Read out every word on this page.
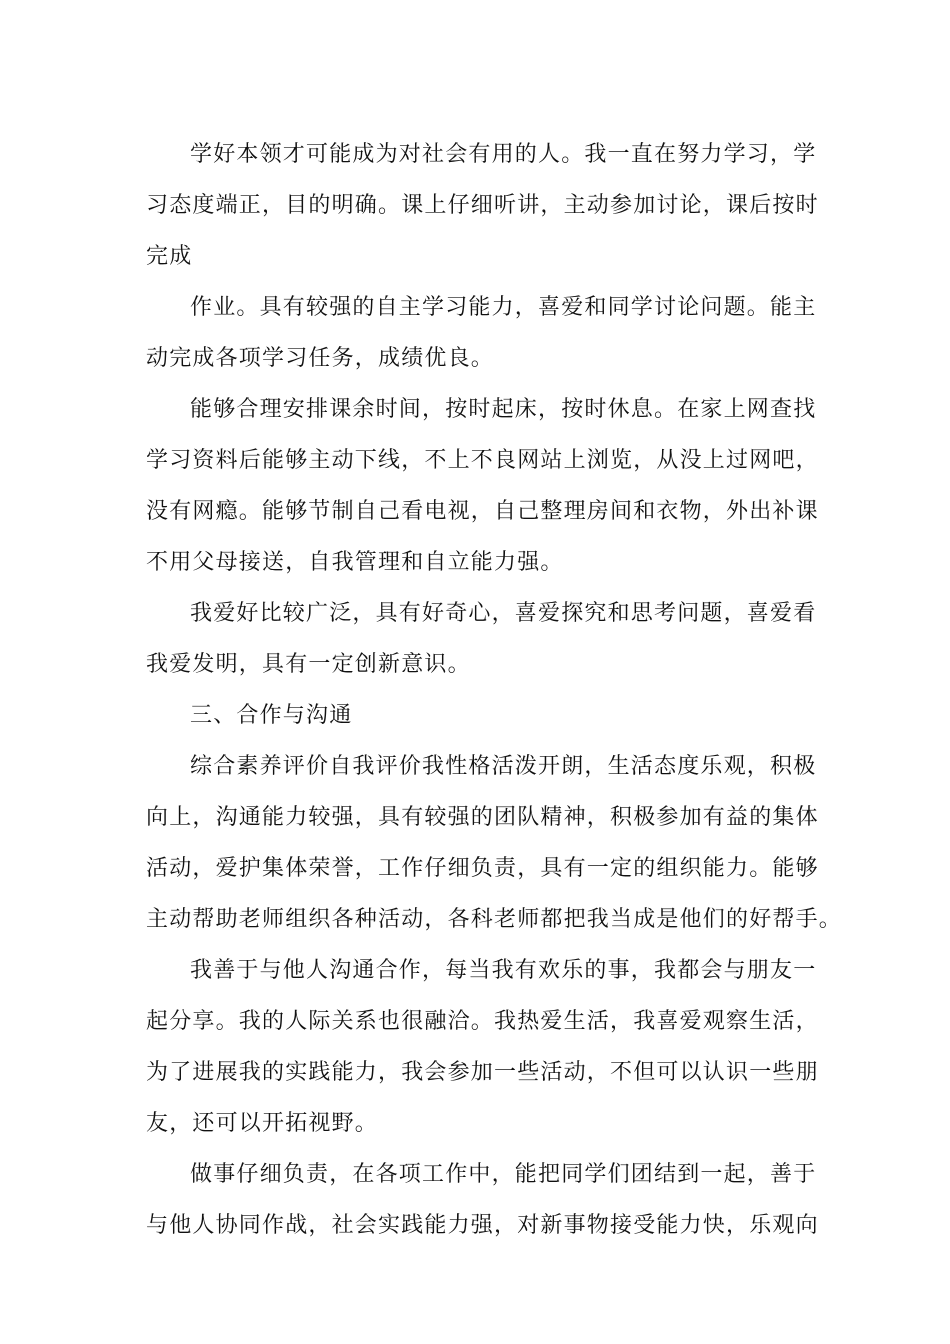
学好本领才可能成为对社会有用的人。我一直在努力学习，学
习态度端正，目的明确。课上仔细听讲，主动参加讨论，课后按时
完成
作业。具有较强的自主学习能力，喜爱和同学讨论问题。能主
动完成各项学习任务，成绩优良。
能够合理安排课余时间，按时起床，按时休息。在家上网查找
学习资料后能够主动下线，不上不良网站上浏览，从没上过网吧，
没有网瘾。能够节制自己看电视，自己整理房间和衣物，外出补课
不用父母接送，自我管理和自立能力强。
我爱好比较广泛，具有好奇心，喜爱探究和思考问题，喜爱看
我爱发明，具有一定创新意识。
三、合作与沟通
综合素养评价自我评价我性格活泼开朗，生活态度乐观，积极
向上，沟通能力较强，具有较强的团队精神，积极参加有益的集体
活动，爱护集体荣誉，工作仔细负责，具有一定的组织能力。能够
主动帮助老师组织各种活动，各科老师都把我当成是他们的好帮手。
我善于与他人沟通合作，每当我有欢乐的事，我都会与朋友一
起分享。我的人际关系也很融洽。我热爱生活，我喜爱观察生活，
为了进展我的实践能力，我会参加一些活动，不但可以认识一些朋
友，还可以开拓视野。
做事仔细负责，在各项工作中，能把同学们团结到一起，善于
与他人协同作战，社会实践能力强，对新事物接受能力快，乐观向
